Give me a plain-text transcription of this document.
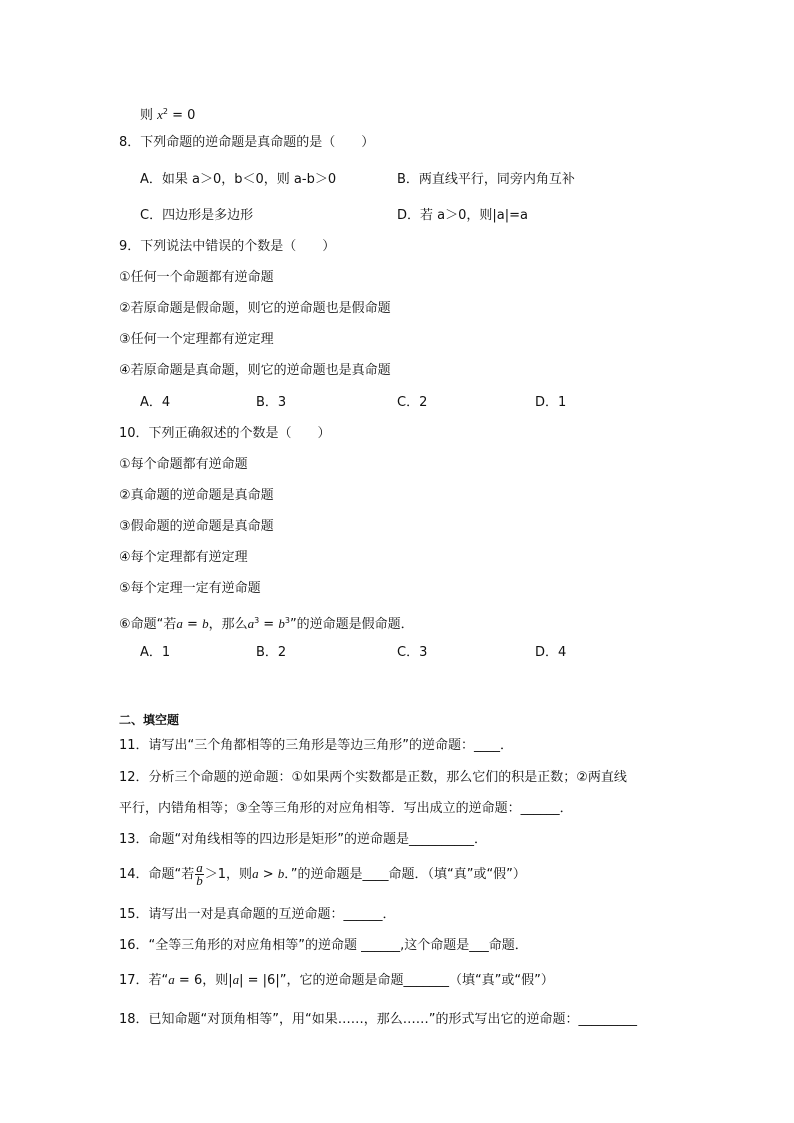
则 $x^2 = 0$
8．下列命题的逆命题是真命题的是（　　）
A．如果 a＞0，b＜0，则 a-b＞0	B．两直线平行，同旁内角互补
C．四边形是多边形	D．若 a＞0，则|a|=a
9．下列说法中错误的个数是（　　）
①任何一个命题都有逆命题
②若原命题是假命题，则它的逆命题也是假命题
③任何一个定理都有逆定理
④若原命题是真命题，则它的逆命题也是真命题
A．4	B．3	C．2	D．1
10．下列正确叙述的个数是（　　）
①每个命题都有逆命题
②真命题的逆命题是真命题
③假命题的逆命题是真命题
④每个定理都有逆定理
⑤每个定理一定有逆命题
⑥命题“若a = b，那么$a^3 = b^3$”的逆命题是假命题．
A．1	B．2	C．3	D．4
二、填空题
11．请写出“三个角都相等的三角形是等边三角形”的逆命题：____．
12．分析三个命题的逆命题：①如果两个实数都是正数，那么它们的积是正数；②两直线
平行，内错角相等；③全等三角形的对应角相等．写出成立的逆命题：______．
13．命题“对角线相等的四边形是矩形”的逆命题是__________．
14．命题“若 $\frac{a}{b} >1$，则a > b．”的逆命题是____命题．（填“真”或“假”）
15．请写出一对是真命题的互逆命题：______．
16．“全等三角形的对应角相等”的逆命题 ______,这个命题是___命题．
17．若“a = 6，则|a| = |6|”，它的逆命题是命题_______（填“真”或“假”）
18．已知命题“对顶角相等”，用“如果……，那么……”的形式写出它的逆命题：_________
